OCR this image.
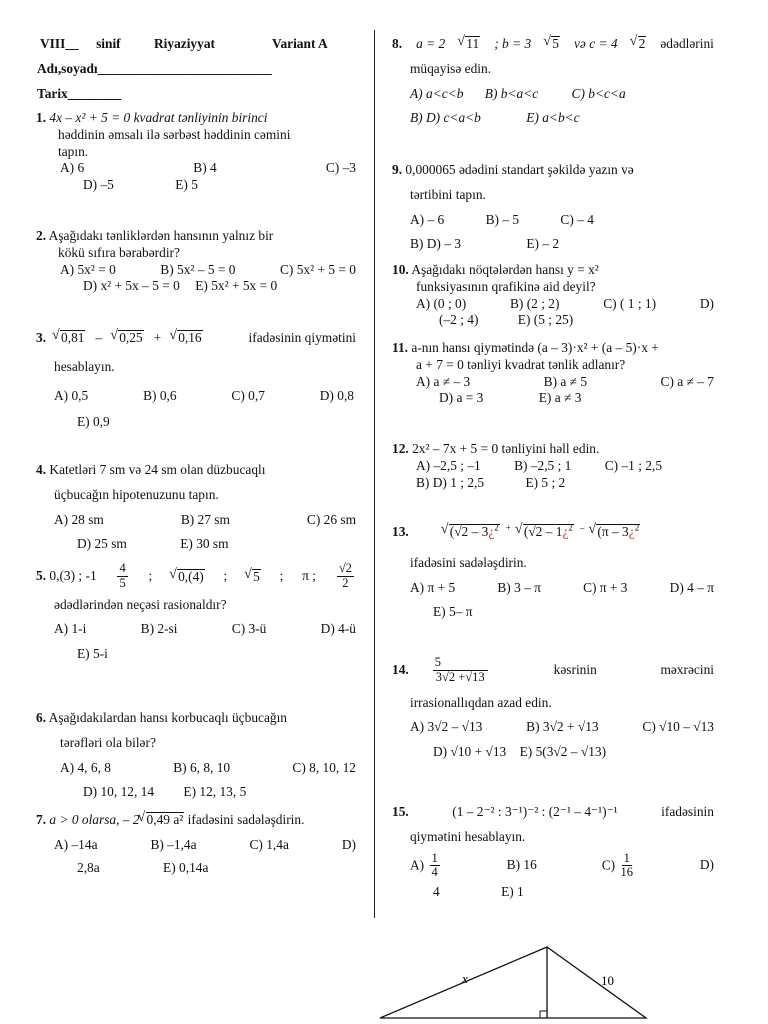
VIII__ sinif Riyaziyyat	Variant A
Adı,soyadı__________________________
Tarix________
1. 4x – x² + 5 = 0 kvadrat tənliyinin birinci
həddinin əmsalı ilə sərbəst həddinin cəmini
tapın.
A) 6	B) 4	C) –3
D) –5	E) 5
2. Aşağıdakı tənliklərdən hansının yalnız bir
kökü sıfıra bərabərdir?
A) 5x² = 0	B) 5x² – 5 = 0	C) 5x² + 5 = 0
D) x² + 5x – 5 = 0 E) 5x² + 5x = 0
3. √ 0,81 – √ 0,25 + √ 0,16	ifadəsinin qiymətini
hesablayın.
A) 0,5	B) 0,6	C) 0,7	D) 0,8
E) 0,9
4. Katetləri 7 sm və 24 sm olan düzbucaqlı
üçbucağın hipotenuzunu tapın.
A) 28 sm	B) 27 sm	C) 26 sm
D) 25 sm	E) 30 sm
5. 0,(3) ; $-1 \frac{4}{5}$ ; √ 0,(4) ; √ 5 ; π ; $\frac{√2}{2}$
ədədlərindən neçəsi rasionaldır?
A) 1-i	B) 2-si	C) 3-ü	D) 4-ü
E) 5-i
6. Aşağıdakılardan hansı korbucaqlı üçbucağın
tərəfləri ola bilər?
A) 4, 6, 8	B) 6, 8, 10	C) 8, 10, 12
D) 10, 12, 14 E) 12, 13, 5
7.
a > 0 olarsa, – 2 √ 0,49 a²
ifadəsini sadələşdirin.
A) –14a	B) –1,4a	C) 1,4a	D)
2,8a	E) 0,14a
8. a = 2 √ 11 ; b = 3 √ 5 və c = 4 √ 2 ədədlərini
müqayisə edin.
A) a<c<b B) b<a<c C) b<c<a
B) D) c<a<b	E) a<b<c
9. 0,000065 ədədini standart şəkildə yazın və
tərtibini tapın.
A) – 6	B) – 5	C) – 4
B) D) – 3	E) – 2
10. Aşağıdakı nöqtələrdən hansı y = x²
funksiyasının qrafikinə aid deyil?
A) (0 ; 0)	B) (2 ; 2)	C) ( 1 ; 1)	D)
(–2 ; 4)	E) (5 ; 25)
11. a-nın hansı qiymətində (a – 3)·x² + (a – 5)·x +
a + 7 = 0 tənliyi kvadrat tənlik adlanır?
A) a ≠ – 3	B) a ≠ 5	C) a ≠ – 7
D) a = 3	E) a ≠ 3
12. 2x² – 7x + 5 = 0 tənliyini həll edin.
A) –2,5 ; –1 B) –2,5 ; 1 C) –1 ; 2,5
B) D) 1 ; 2,5	E) 5 ; 2
13.	√ (√2 – 3¿$^2$ + √ (√2 – 1¿$^2$ – √ (π – 3¿$^2$
ifadəsini sadələşdirin.
A) π + 5	B) 3 – π	C) π + 3	D) 4 – π
E) 5– π
14. $\frac{5}{3√2 +√13}$	kəsrinin	məxrəcini
irrasionallıqdan azad edin.
A) 3√2 – √13	B) 3√2 + √13	C) √10 – √13
D) √10 + √13 E) 5(3√2 – √13)
15.	(1 – 2⁻² : 3⁻¹)⁻² : (2⁻¹ – 4⁻¹)⁻¹	ifadəsinin
qiymətini hesablayın.
$A) \frac{1}{4}$	B) 16	$C) \frac{1}{16}$	D)
4	E) 1
x	10
